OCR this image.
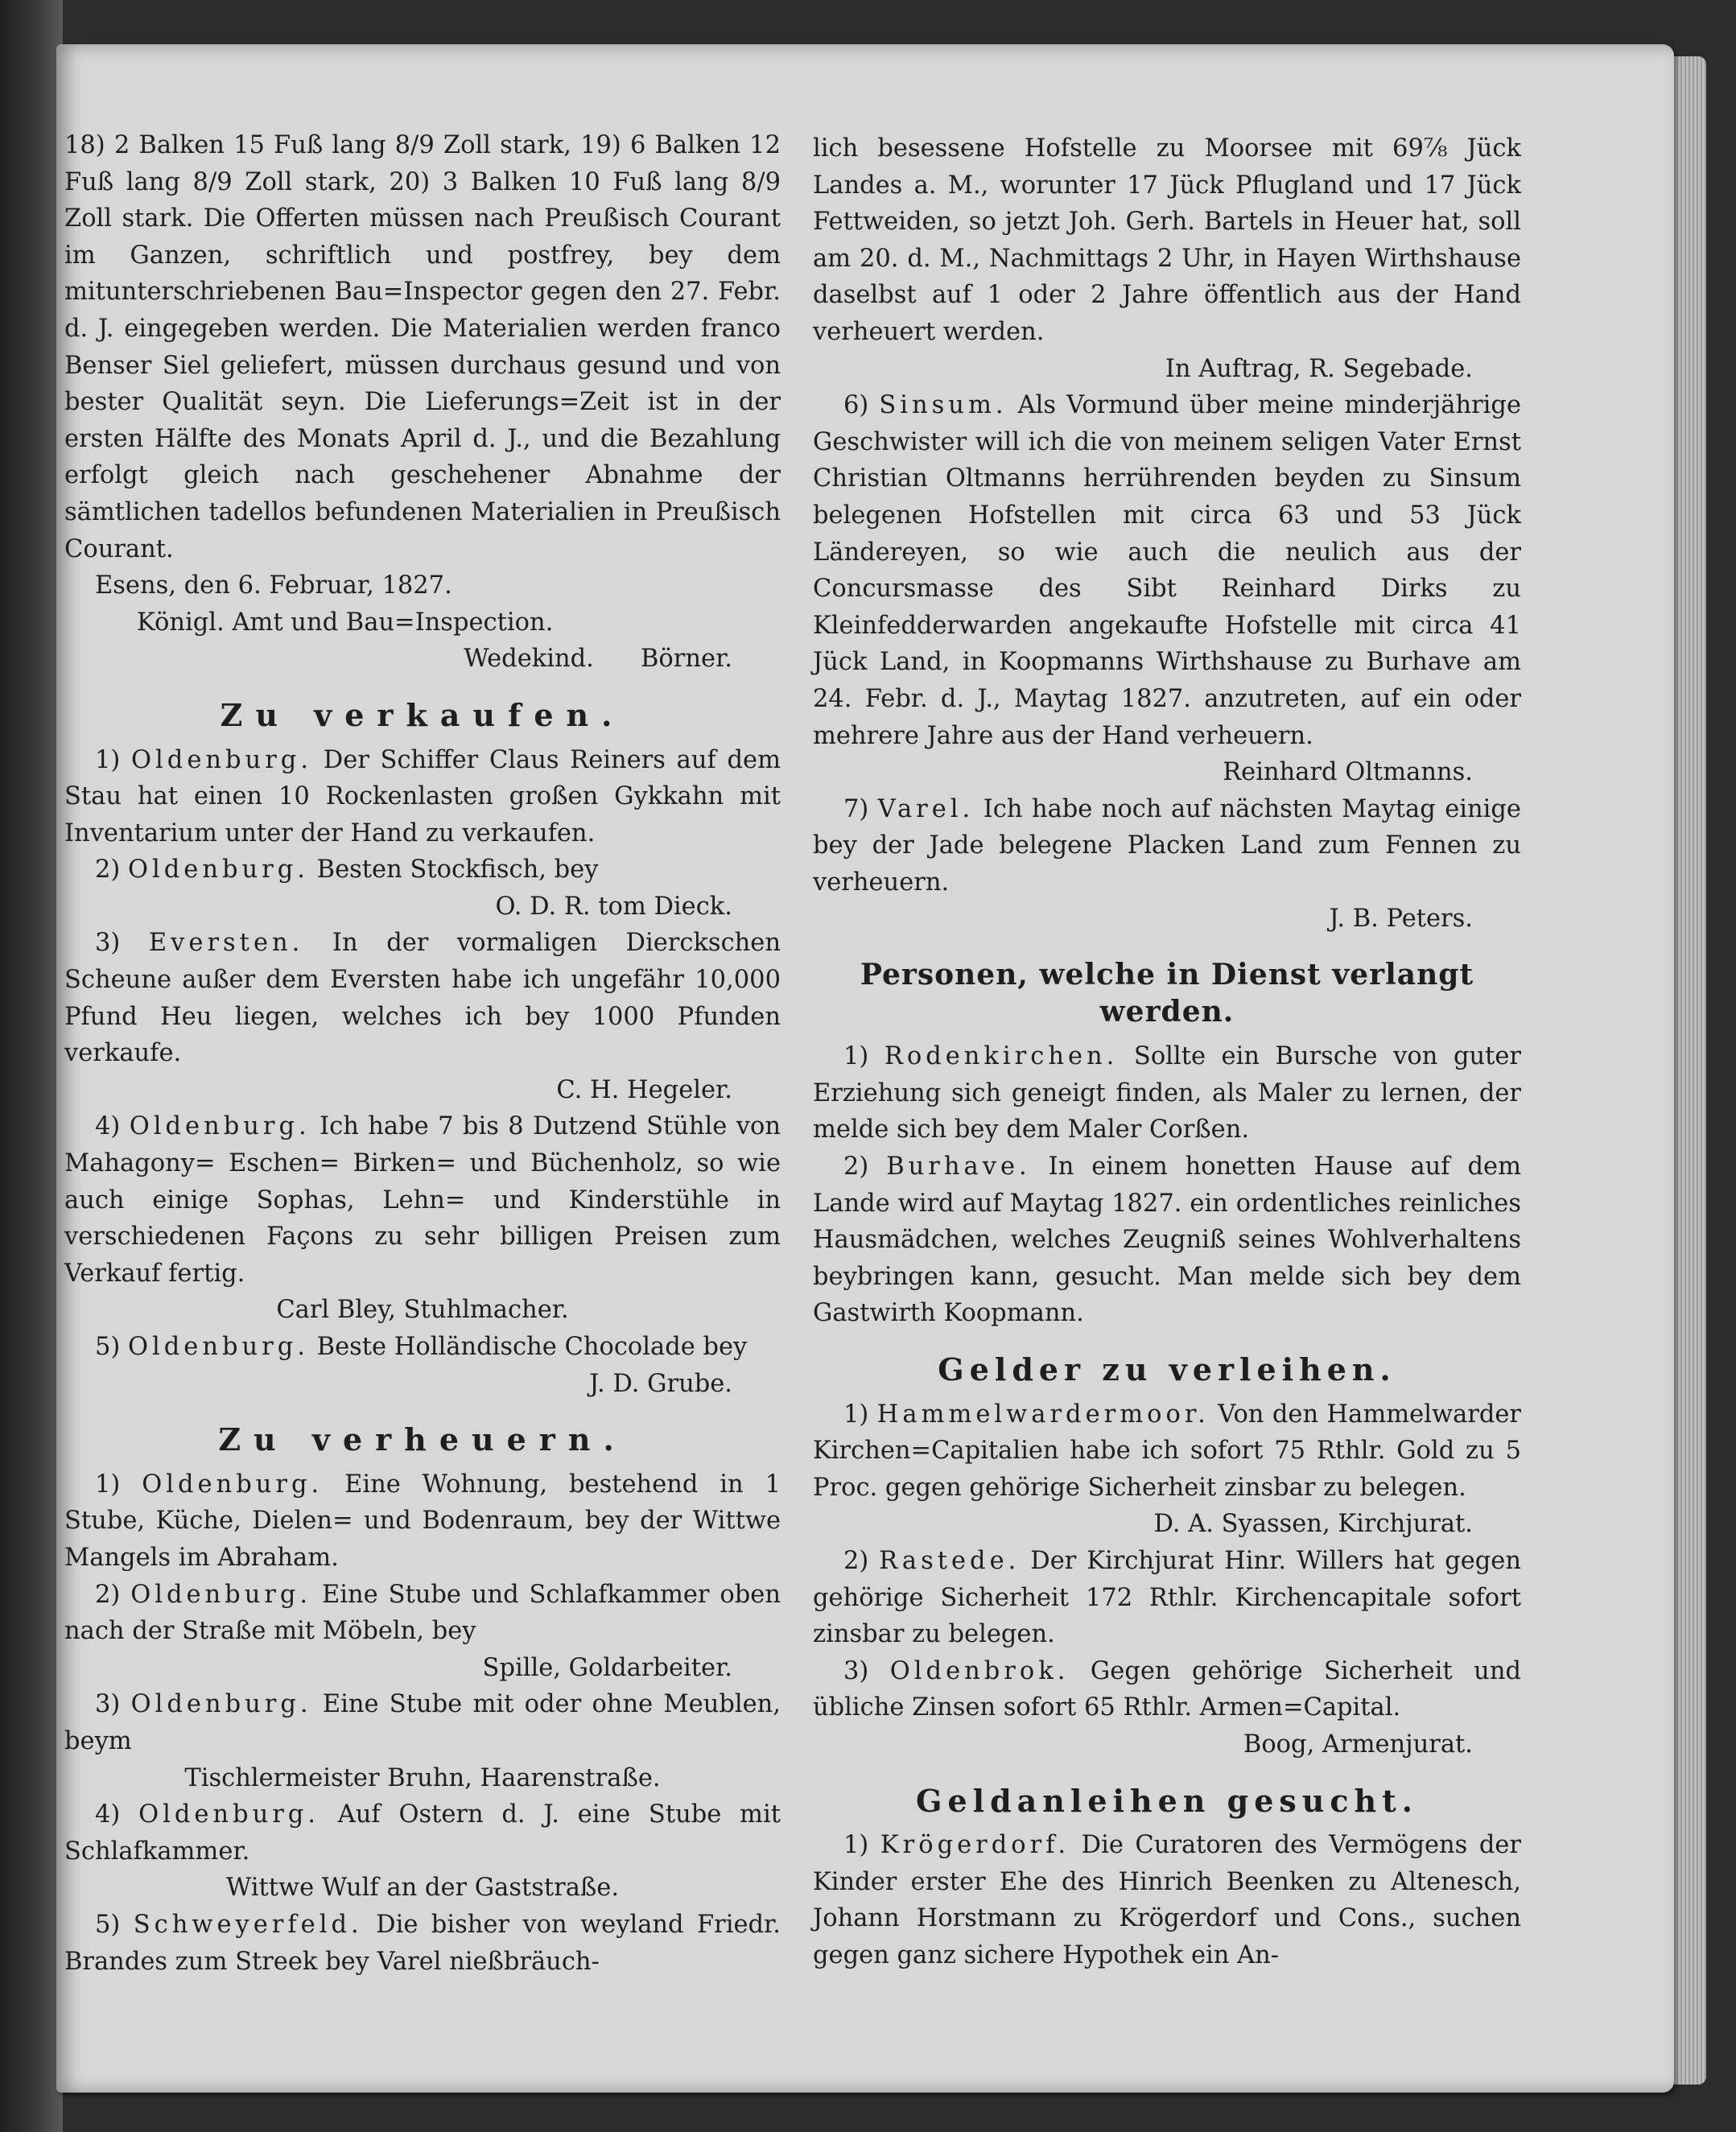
18) 2 Balken 15 Fuß lang 8/9 Zoll stark, 19) 6 Balken 12 Fuß lang 8/9 Zoll stark, 20) 3 Balken 10 Fuß lang 8/9 Zoll stark. Die Offerten müssen nach Preußisch Courant im Ganzen, schriftlich und postfrey, bey dem mitunterschriebenen Bau=Inspector gegen den 27. Febr. d. J. eingegeben werden. Die Materialien werden franco Benser Siel geliefert, müssen durchaus gesund und von bester Qualität seyn. Die Lieferungs=Zeit ist in der ersten Hälfte des Monats April d. J., und die Bezahlung erfolgt gleich nach geschehener Abnahme der sämtlichen tadellos befundenen Materialien in Preußisch Courant.

Esens, den 6. Februar, 1827.

Königl. Amt und Bau=Inspection.

Wedekind.      Börner.

Zu verkaufen.

1) Oldenburg. Der Schiffer Claus Reiners auf dem Stau hat einen 10 Rockenlasten großen Gykkahn mit Inventarium unter der Hand zu verkaufen.

2) Oldenburg. Besten Stockfisch, bey

O. D. R. tom Dieck.

3) Eversten. In der vormaligen Dierckschen Scheune außer dem Eversten habe ich ungefähr 10,000 Pfund Heu liegen, welches ich bey 1000 Pfunden verkaufe.

C. H. Hegeler.

4) Oldenburg. Ich habe 7 bis 8 Dutzend Stühle von Mahagony= Eschen= Birken= und Büchenholz, so wie auch einige Sophas, Lehn= und Kinderstühle in verschiedenen Façons zu sehr billigen Preisen zum Verkauf fertig.

Carl Bley, Stuhlmacher.

5) Oldenburg. Beste Holländische Chocolade bey

J. D. Grube.

Zu verheuern.

1) Oldenburg. Eine Wohnung, bestehend in 1 Stube, Küche, Dielen= und Bodenraum, bey der Wittwe Mangels im Abraham.

2) Oldenburg. Eine Stube und Schlafkammer oben nach der Straße mit Möbeln, bey

Spille, Goldarbeiter.

3) Oldenburg. Eine Stube mit oder ohne Meublen, beym

Tischlermeister Bruhn, Haarenstraße.

4) Oldenburg. Auf Ostern d. J. eine Stube mit Schlafkammer.

Wittwe Wulf an der Gaststraße.

5) Schweyerfeld. Die bisher von weyland Friedr. Brandes zum Streek bey Varel nießbräuch-

lich besessene Hofstelle zu Moorsee mit 69⅞ Jück Landes a. M., worunter 17 Jück Pflugland und 17 Jück Fettweiden, so jetzt Joh. Gerh. Bartels in Heuer hat, soll am 20. d. M., Nachmittags 2 Uhr, in Hayen Wirthshause daselbst auf 1 oder 2 Jahre öffentlich aus der Hand verheuert werden.

In Auftrag, R. Segebade.

6) Sinsum. Als Vormund über meine minderjährige Geschwister will ich die von meinem seligen Vater Ernst Christian Oltmanns herrührenden beyden zu Sinsum belegenen Hofstellen mit circa 63 und 53 Jück Ländereyen, so wie auch die neulich aus der Concursmasse des Sibt Reinhard Dirks zu Kleinfedderwarden angekaufte Hofstelle mit circa 41 Jück Land, in Koopmanns Wirthshause zu Burhave am 24. Febr. d. J., Maytag 1827. anzutreten, auf ein oder mehrere Jahre aus der Hand verheuern.

Reinhard Oltmanns.

7) Varel. Ich habe noch auf nächsten Maytag einige bey der Jade belegene Placken Land zum Fennen zu verheuern.

J. B. Peters.

Personen, welche in Dienst verlangt werden.

1) Rodenkirchen. Sollte ein Bursche von guter Erziehung sich geneigt finden, als Maler zu lernen, der melde sich bey dem Maler Corßen.

2) Burhave. In einem honetten Hause auf dem Lande wird auf Maytag 1827. ein ordentliches reinliches Hausmädchen, welches Zeugniß seines Wohlverhaltens beybringen kann, gesucht. Man melde sich bey dem Gastwirth Koopmann.

Gelder zu verleihen.

1) Hammelwardermoor. Von den Hammelwarder Kirchen=Capitalien habe ich sofort 75 Rthlr. Gold zu 5 Proc. gegen gehörige Sicherheit zinsbar zu belegen.

D. A. Syassen, Kirchjurat.

2) Rastede. Der Kirchjurat Hinr. Willers hat gegen gehörige Sicherheit 172 Rthlr. Kirchencapitale sofort zinsbar zu belegen.

3) Oldenbrok. Gegen gehörige Sicherheit und übliche Zinsen sofort 65 Rthlr. Armen=Capital.

Boog, Armenjurat.

Geldanleihen gesucht.

1) Krögerdorf. Die Curatoren des Vermögens der Kinder erster Ehe des Hinrich Beenken zu Altenesch, Johann Horstmann zu Krögerdorf und Cons., suchen gegen ganz sichere Hypothek ein An-
